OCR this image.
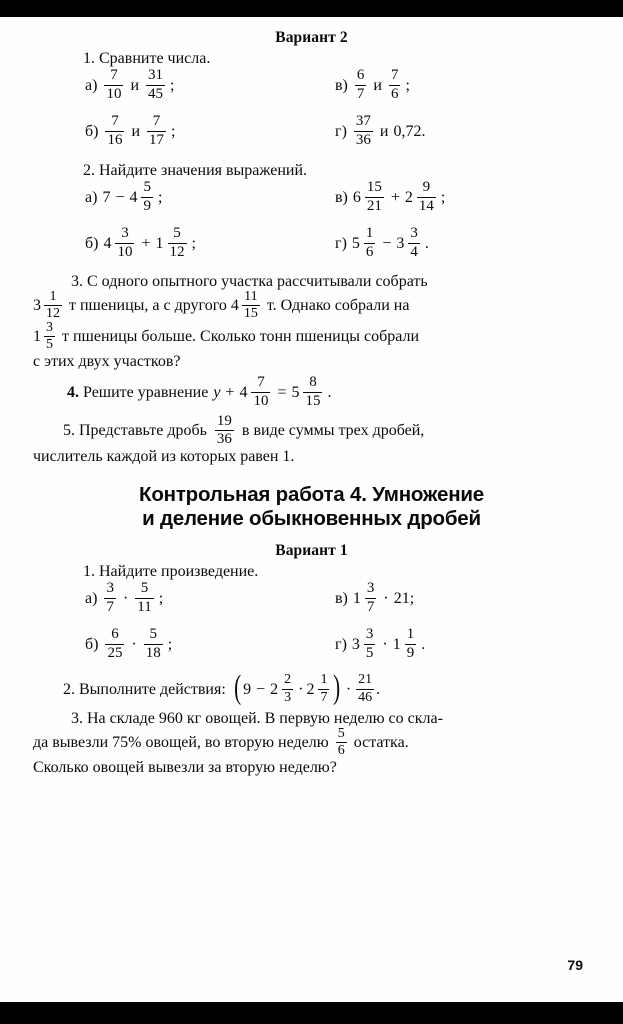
Вариант 2
1. Сравните числа.
$а) \frac{7}{10}$ и $\frac{31}{45}$ ;	$в) \frac{6}{7}$ и $\frac{7}{6}$ ;
$б) \frac{7}{16}$ и $\frac{7}{17}$ ;	$г) \frac{37}{36}$ и 0,72 .
2. Найдите значения выражений.
а) $7 - 4 \frac{5}{9}$ ;	в) $6 \frac{15}{21} + 2 \frac{9}{14}$ ;
б) $4 \frac{3}{10} + 1 \frac{5}{12}$ ;	г) $5 \frac{1}{6} - 3 \frac{3}{4}$ .
3. С одного опытного участка рассчитывали собрать
$3 \frac{1}{12}$ т пшеницы, а с другого $4 \frac{11}{15} т$. Однако собрали на
$1 \frac{3}{5}$ т пшеницы больше. Сколько тонн пшеницы собрали
с этих двух участков?

4. Решите уравнение $y + 4 \frac{7}{10} = 5 \frac{8}{15}$ .
5. Представьте дробь $\frac{19}{36}$ в виде суммы трех дробей,
числитель каждой из которых равен 1.
Контрольная работа 4. Умножение
и деление обыкновенных дробей
Вариант 1
1. Найдите произведение.
$а) \frac{3}{7} \cdot \frac{5}{11}$ ;	в) $1 \frac{3}{7} \cdot 21$ ;
$б) \frac{6}{25} \cdot \frac{5}{18}$ ;	г) $3 \frac{3}{5} \cdot 1 \frac{1}{9}$ .
2. Выполните действия: ( $9 - 2 \frac{2}{3} \cdot 2 \frac{1}{7}$ ) · $\frac{21}{46}$ .
3. На складе 960 кг овощей. В первую неделю со скла-
да вывезли 75% овощей, во вторую неделю $\frac{5}{6}$ остатка.
Сколько овощей вывезли за вторую неделю?
79
